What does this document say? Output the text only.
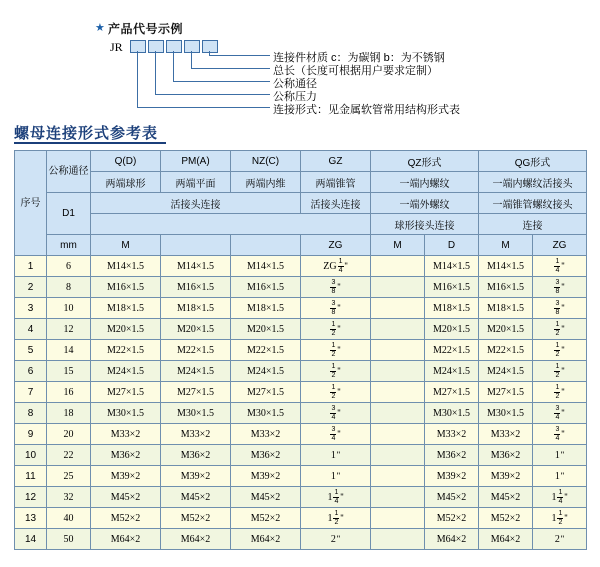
★ 产品代号示例
JR
连接件材质 c：为碳钢 b：为不锈钢
总长（长度可根据用户要求定制）
公称通径
公称压力
连接形式：见金属软管常用结构形式表
螺母连接形式参考表
序号	公称通径	Q(D)	PM(A)	NZ(C)	GZ	QZ形式		QG形式	
		两端球形	两端平面	两端内维	两端锥管	一端内螺纹		一端内螺纹活接头	
	D1	活接头连接			活接头连接	一端外螺纹		一端锥管螺纹接头	
						球形接头连接		连接	
	mm	M			ZG	M	D	M	ZG
1	6	M14×1.5	M14×1.5	M14×1.5	ZG $\frac{1}{4}$ "		M14×1.5	M14×1.5	$\frac{1}{4}$ "

2	8	M16×1.5	M16×1.5	M16×1.5	$\frac{3}{8}$ "		M16×1.5	M16×1.5	$\frac{3}{8}$ "

3	10	M18×1.5	M18×1.5	M18×1.5	$\frac{3}{8}$ "		M18×1.5	M18×1.5	$\frac{3}{8}$ "

4	12	M20×1.5	M20×1.5	M20×1.5	$\frac{1}{2}$ "		M20×1.5	M20×1.5	$\frac{1}{2}$ "

5	14	M22×1.5	M22×1.5	M22×1.5	$\frac{1}{2}$ "		M22×1.5	M22×1.5	$\frac{1}{2}$ "

6	15	M24×1.5	M24×1.5	M24×1.5	$\frac{1}{2}$ "		M24×1.5	M24×1.5	$\frac{1}{2}$ "

7	16	M27×1.5	M27×1.5	M27×1.5	$\frac{1}{2}$ "		M27×1.5	M27×1.5	$\frac{1}{2}$ "

8	18	M30×1.5	M30×1.5	M30×1.5	$\frac{3}{4}$ "		M30×1.5	M30×1.5	$\frac{3}{4}$ "

9	20	M33×2	M33×2	M33×2	$\frac{3}{4}$ "		M33×2	M33×2	$\frac{3}{4}$ "

10	22	M36×2	M36×2	M36×2	1 "		M36×2	M36×2	1 "

11	25	M39×2	M39×2	M39×2	1 "		M39×2	M39×2	1 "

12	32	M45×2	M45×2	M45×2	$1 \frac{1}{4}$ "		M45×2	M45×2	$1 \frac{1}{4}$ "

13	40	M52×2	M52×2	M52×2	$1 \frac{1}{2}$ "		M52×2	M52×2	$1 \frac{1}{2}$ "

14	50	M64×2	M64×2	M64×2	2 "		M64×2	M64×2	2 "
